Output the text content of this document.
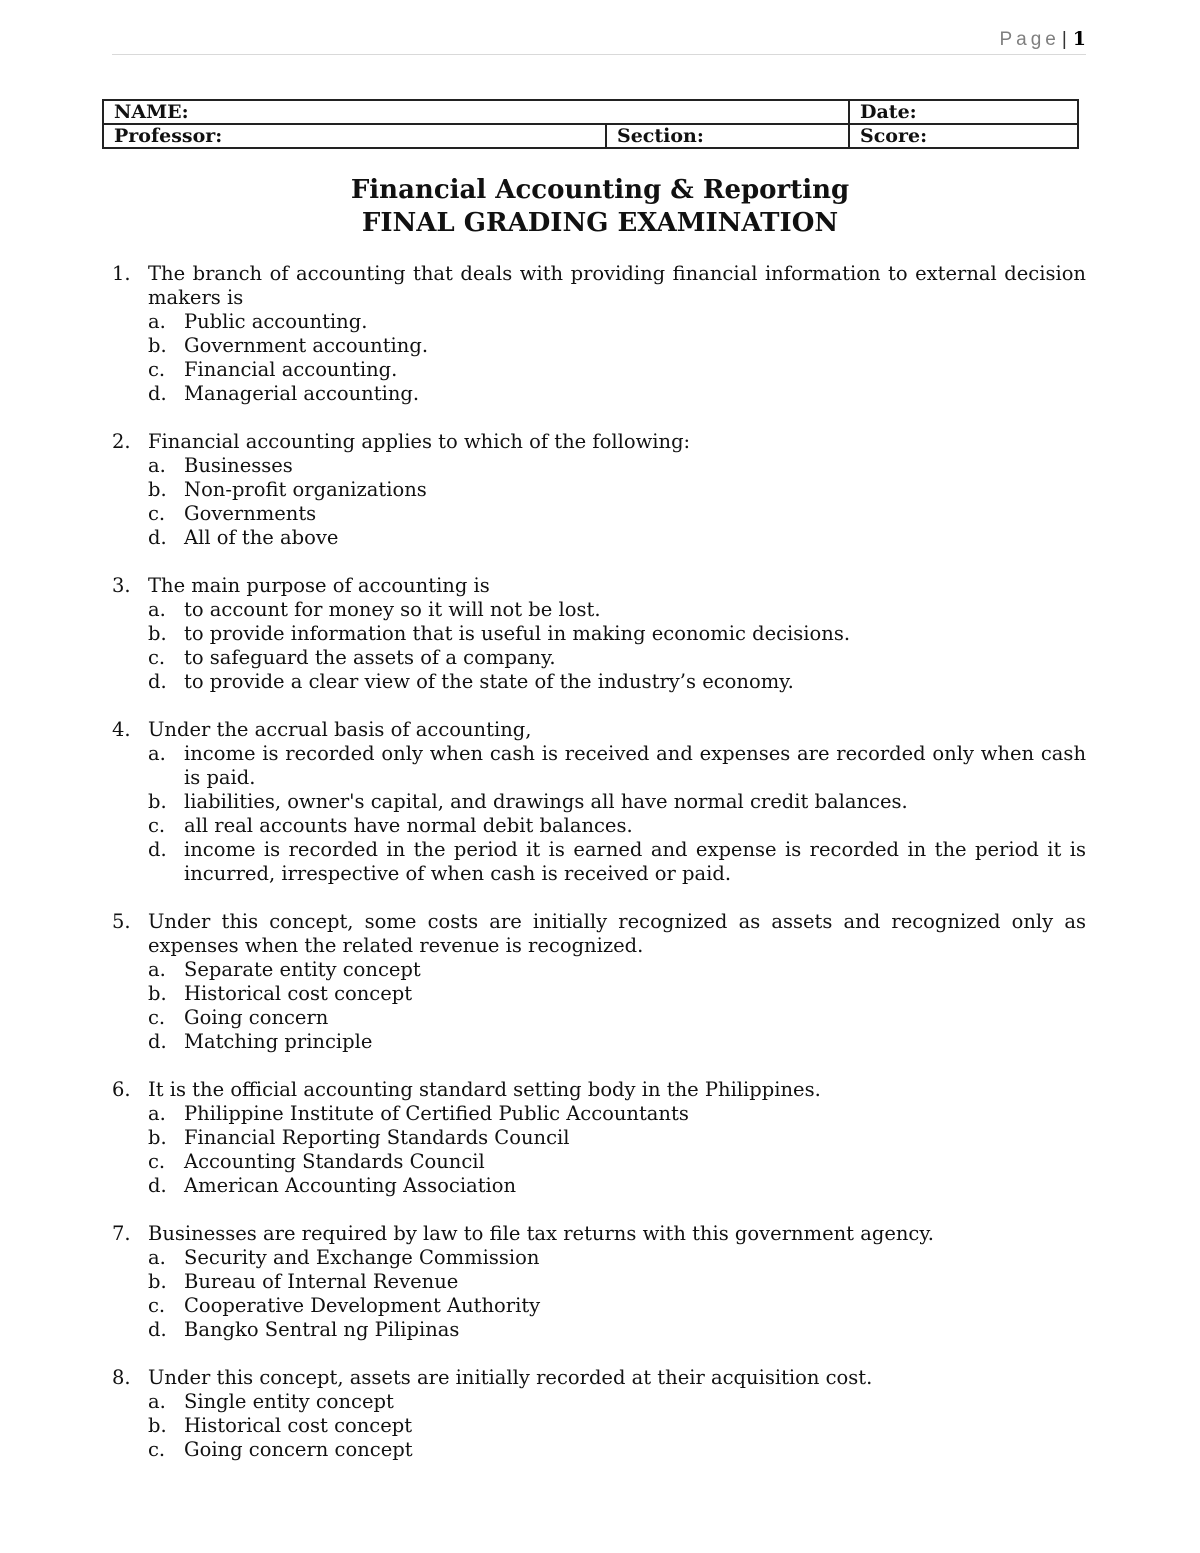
Page | 1
NAME:		Date:
Professor:	Section:	Score:
Financial Accounting & Reporting
FINAL GRADING EXAMINATION
1. The branch of accounting that deals with providing financial information to external decision makers is
a. Public accounting.
b. Government accounting.
c. Financial accounting.
d. Managerial accounting.
2. Financial accounting applies to which of the following:
a. Businesses
b. Non-profit organizations
c. Governments
d. All of the above
3. The main purpose of accounting is
a. to account for money so it will not be lost.
b. to provide information that is useful in making economic decisions.
c. to safeguard the assets of a company.
d. to provide a clear view of the state of the industry’s economy.
4. Under the accrual basis of accounting,
a. income is recorded only when cash is received and expenses are recorded only when cash is paid.
b. liabilities, owner's capital, and drawings all have normal credit balances.
c. all real accounts have normal debit balances.
d. income is recorded in the period it is earned and expense is recorded in the period it is incurred, irrespective of when cash is received or paid.
5. Under this concept, some costs are initially recognized as assets and recognized only as expenses when the related revenue is recognized.
a. Separate entity concept
b. Historical cost concept
c. Going concern
d. Matching principle
6. It is the official accounting standard setting body in the Philippines.
a. Philippine Institute of Certified Public Accountants
b. Financial Reporting Standards Council
c. Accounting Standards Council
d. American Accounting Association
7. Businesses are required by law to file tax returns with this government agency.
a. Security and Exchange Commission
b. Bureau of Internal Revenue
c. Cooperative Development Authority
d. Bangko Sentral ng Pilipinas
8. Under this concept, assets are initially recorded at their acquisition cost.
a. Single entity concept
b. Historical cost concept
c. Going concern concept
